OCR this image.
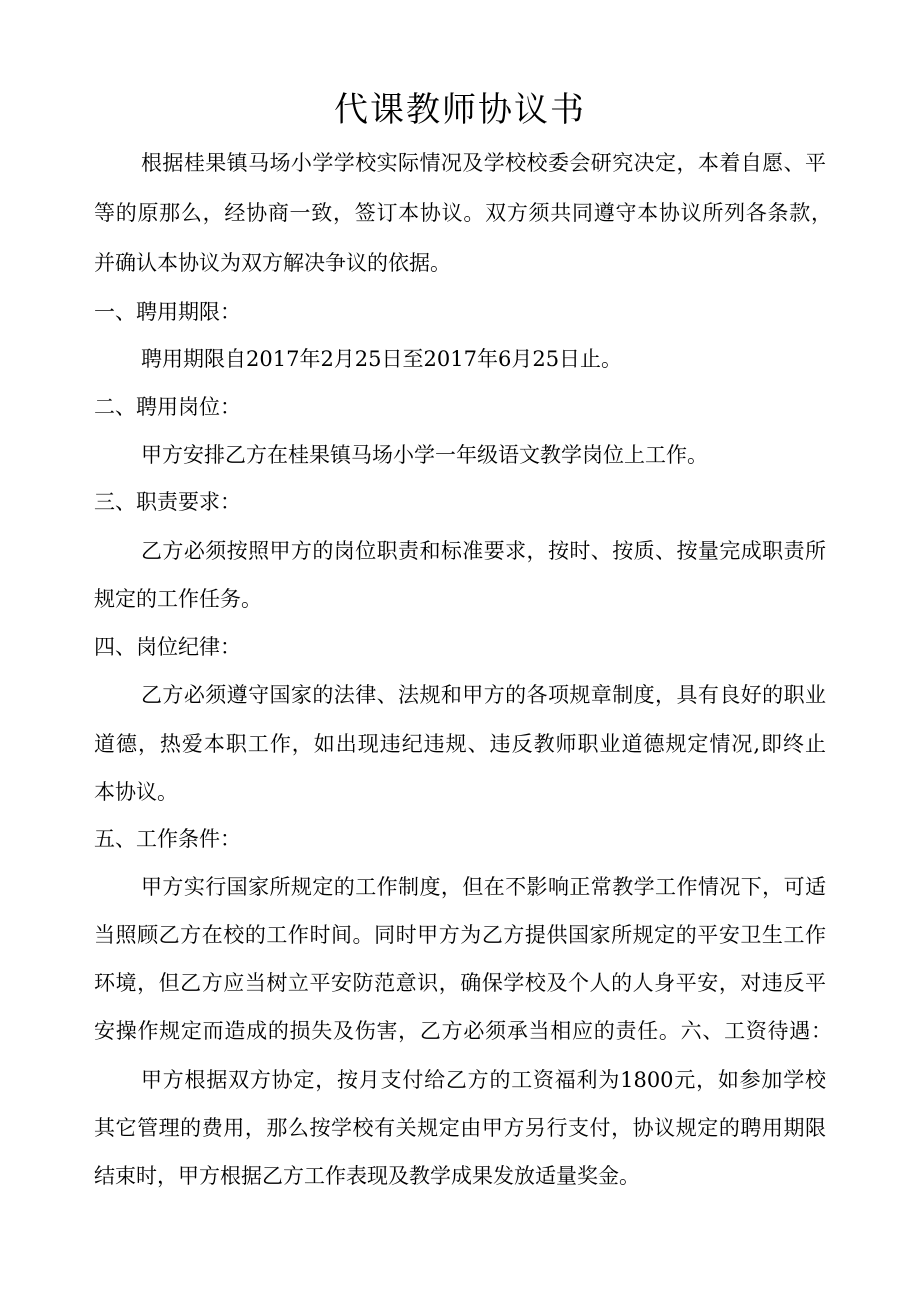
代课教师协议书

根据桂果镇马场小学学校实际情况及学校校委会研究决定，本着自愿、平

等的原那么，经协商一致，签订本协议。双方须共同遵守本协议所列各条款，

并确认本协议为双方解决争议的依据。

一、聘用期限：

聘用期限自2017年2月25日至2017年6月25日止。

二、聘用岗位：

甲方安排乙方在桂果镇马场小学一年级语文教学岗位上工作。

三、职责要求：

乙方必须按照甲方的岗位职责和标准要求，按时、按质、按量完成职责所

规定的工作任务。

四、岗位纪律：

乙方必须遵守国家的法律、法规和甲方的各项规章制度，具有良好的职业

道德，热爱本职工作，如出现违纪违规、违反教师职业道德规定情况,即终止

本协议。

五、工作条件：

甲方实行国家所规定的工作制度，但在不影响正常教学工作情况下，可适

当照顾乙方在校的工作时间。同时甲方为乙方提供国家所规定的平安卫生工作

环境，但乙方应当树立平安防范意识，确保学校及个人的人身平安，对违反平

安操作规定而造成的损失及伤害，乙方必须承当相应的责任。六、工资待遇：

甲方根据双方协定，按月支付给乙方的工资福利为1800元，如参加学校

其它管理的费用，那么按学校有关规定由甲方另行支付，协议规定的聘用期限

结束时，甲方根据乙方工作表现及教学成果发放适量奖金。
